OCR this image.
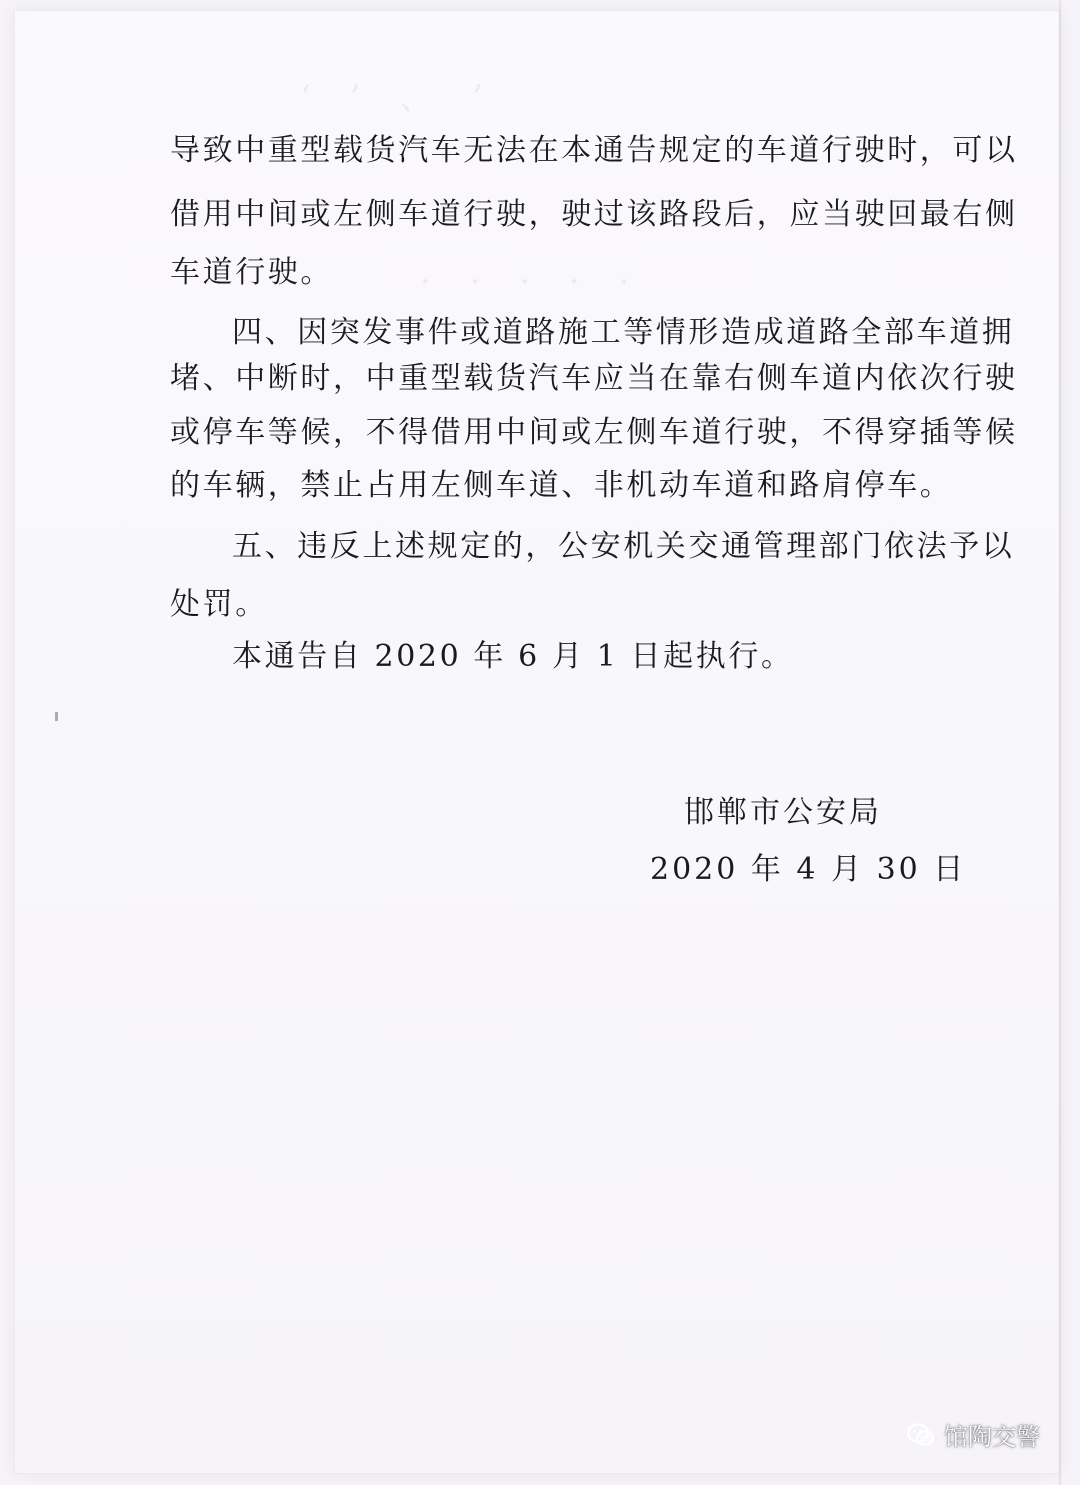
‘ ’ 、 ’
· · · · ·
导致中重型载货汽车无法在本通告规定的车道行驶时，可以
借用中间或左侧车道行驶，驶过该路段后，应当驶回最右侧
车道行驶。
四、因突发事件或道路施工等情形造成道路全部车道拥
堵、中断时，中重型载货汽车应当在靠右侧车道内依次行驶
或停车等候，不得借用中间或左侧车道行驶，不得穿插等候
的车辆，禁止占用左侧车道、非机动车道和路肩停车。
五、违反上述规定的，公安机关交通管理部门依法予以
处罚。
本通告自 2020 年 6 月 1 日起执行。
邯郸市公安局
2020 年 4 月 30 日
馆陶交警
